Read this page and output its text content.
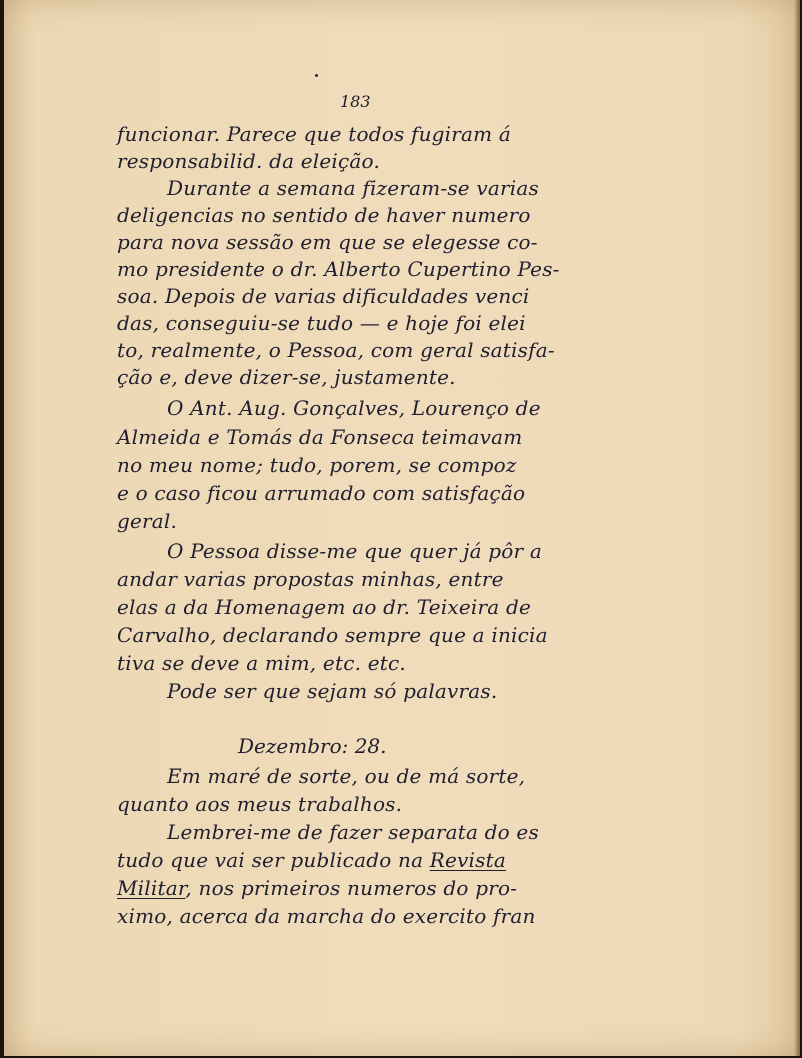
183
funcionar. Parece que todos fugiram á
responsabilid. da eleição.
Durante a semana fizeram-se varias
deligencias no sentido de haver numero
para nova sessão em que se elegesse co-
mo presidente o dr. Alberto Cupertino Pes-
soa. Depois de varias dificuldades venci
das, conseguiu-se tudo — e hoje foi elei
to, realmente, o Pessoa, com geral satisfa-
ção e, deve dizer-se, justamente.
O Ant. Aug. Gonçalves, Lourenço de
Almeida e Tomás da Fonseca teimavam
no meu nome; tudo, porem, se compoz
e o caso ficou arrumado com satisfação
geral.
O Pessoa disse-me que quer já pôr a
andar varias propostas minhas, entre
elas a da Homenagem ao dr. Teixeira de
Carvalho, declarando sempre que a inicia
tiva se deve a mim, etc. etc.
Pode ser que sejam só palavras.
Dezembro: 28.
Em maré de sorte, ou de má sorte,
quanto aos meus trabalhos.
Lembrei-me de fazer separata do es
tudo que vai ser publicado na Revista
Militar, nos primeiros numeros do pro-
ximo, acerca da marcha do exercito fran
